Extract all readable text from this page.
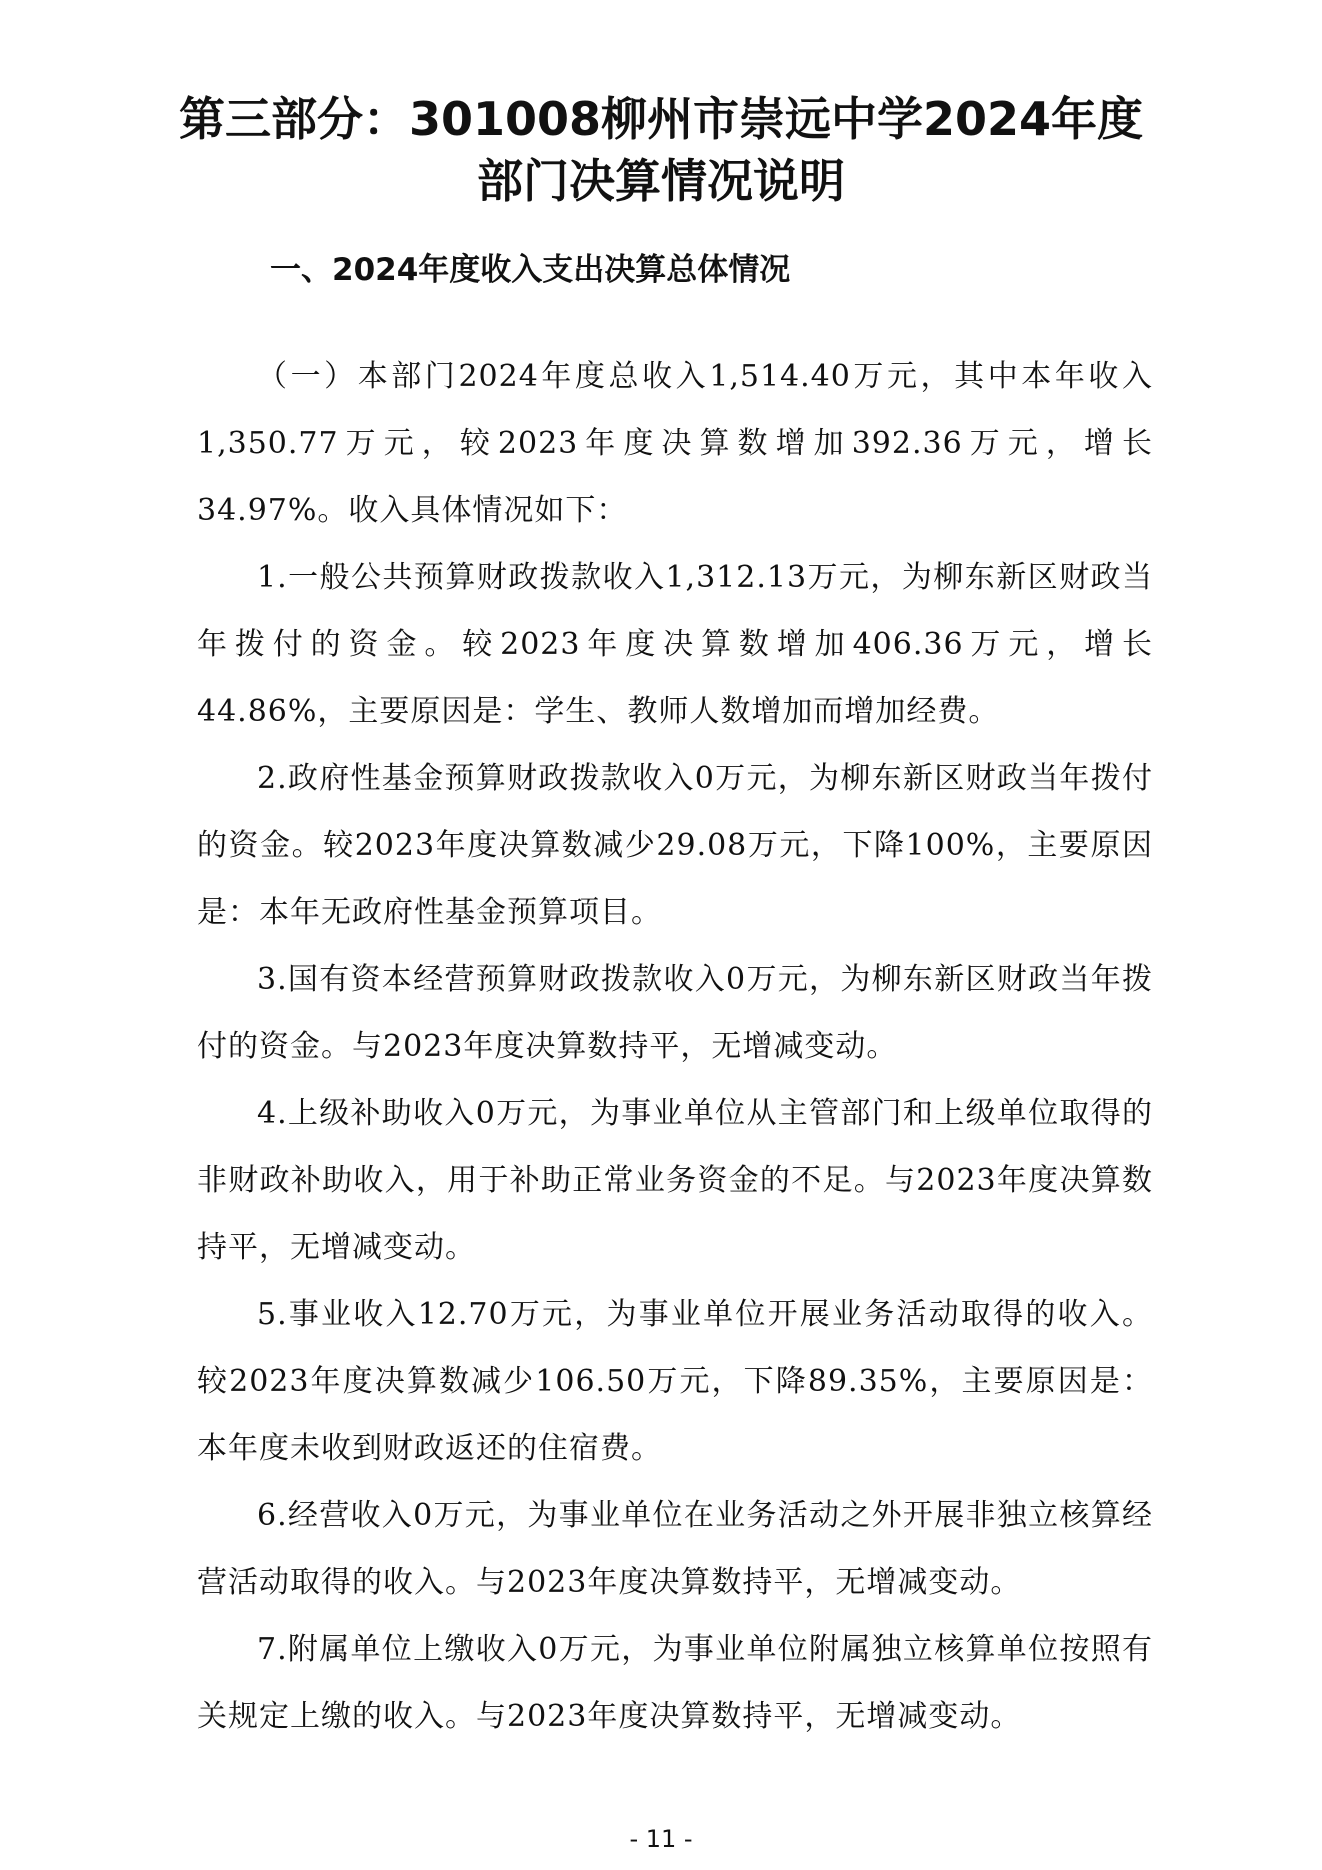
第三部分：301008柳州市崇远中学2024年度
部门决算情况说明
一、2024年度收入支出决算总体情况

（一）本部门2024年度总收入1,514.40万元，其中本年收入1,350.77万元，较2023年度决算数增加392.36万元，增长34.97%。收入具体情况如下：

1.一般公共预算财政拨款收入1,312.13万元，为柳东新区财政当年拨付的资金。较2023年度决算数增加406.36万元，增长44.86%，主要原因是：学生、教师人数增加而增加经费。

2.政府性基金预算财政拨款收入0万元，为柳东新区财政当年拨付的资金。较2023年度决算数减少29.08万元，下降100%，主要原因是：本年无政府性基金预算项目。

3.国有资本经营预算财政拨款收入0万元，为柳东新区财政当年拨付的资金。与2023年度决算数持平，无增减变动。

4.上级补助收入0万元，为事业单位从主管部门和上级单位取得的非财政补助收入，用于补助正常业务资金的不足。与2023年度决算数持平，无增减变动。

5.事业收入12.70万元，为事业单位开展业务活动取得的收入。较2023年度决算数减少106.50万元，下降89.35%，主要原因是：本年度未收到财政返还的住宿费。

6.经营收入0万元，为事业单位在业务活动之外开展非独立核算经营活动取得的收入。与2023年度决算数持平，无增减变动。

7.附属单位上缴收入0万元，为事业单位附属独立核算单位按照有关规定上缴的收入。与2023年度决算数持平，无增减变动。

- 11 -
